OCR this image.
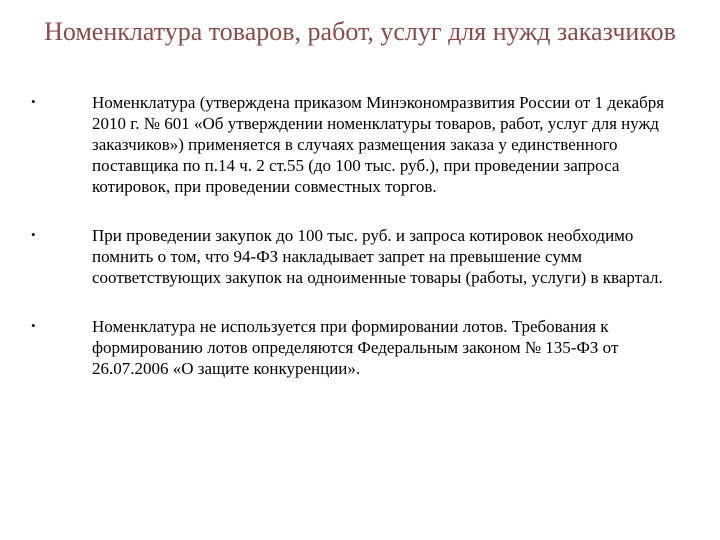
Номенклатура товаров, работ, услуг для нужд заказчиков
•	Номенклатура (утверждена приказом Минэкономразвития России от 1 декабря 2010 г. № 601 «Об утверждении номенклатуры товаров, работ, услуг для нужд заказчиков») применяется в случаях размещения заказа у единственного поставщика по п.14 ч. 2 ст.55 (до 100 тыс. руб.), при проведении запроса котировок, при проведении совместных торгов.
•	При проведении закупок до 100 тыс. руб. и запроса котировок необходимо помнить о том, что 94-ФЗ накладывает запрет на превышение сумм соответствующих закупок на одноименные товары (работы, услуги) в квартал.
•	Номенклатура не используется при формировании лотов. Требования к формированию лотов определяются Федеральным законом № 135-ФЗ от 26.07.2006 «О защите конкуренции».
